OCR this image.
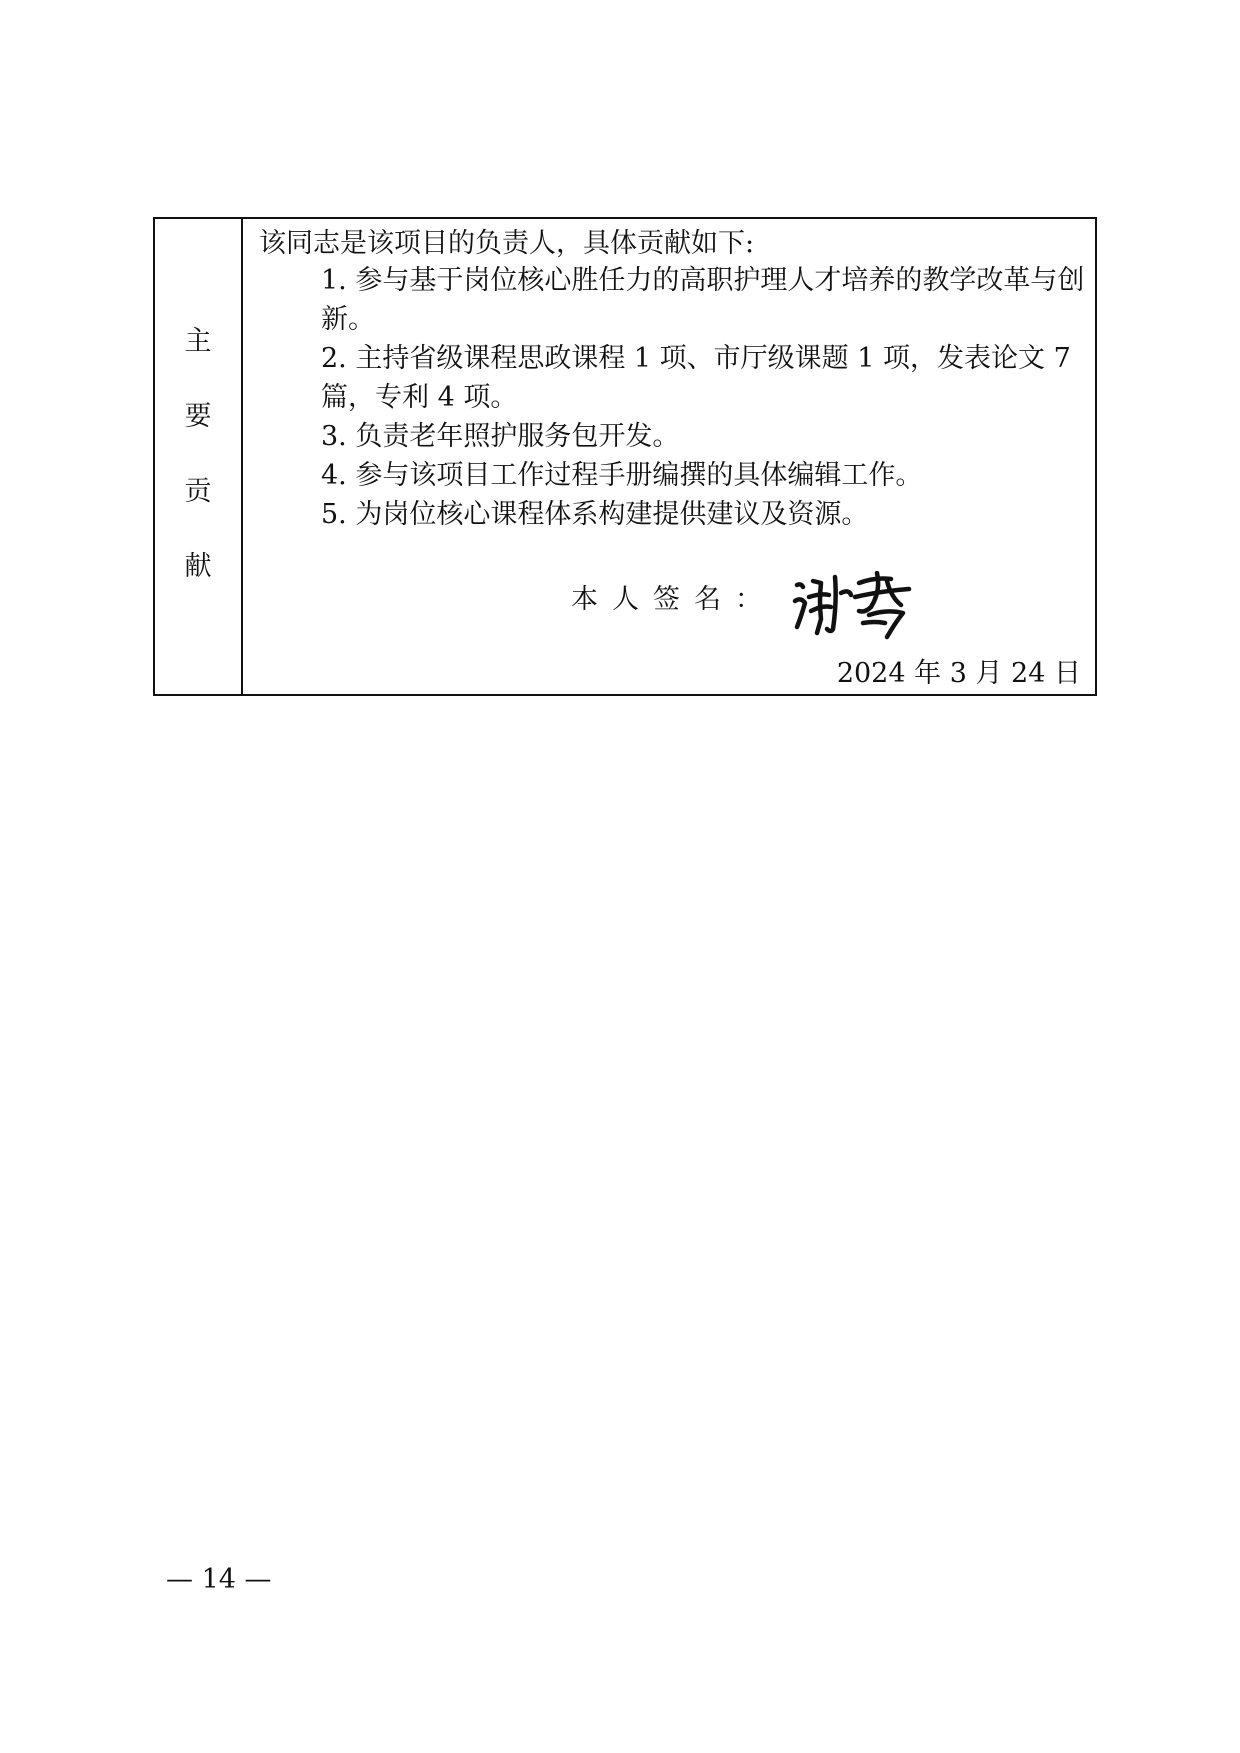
主
要
贡
献

该同志是该项目的负责人，具体贡献如下:

1. 参与基于岗位核心胜任力的高职护理人才培养的教学改革与创新。

2. 主持省级课程思政课程 1 项、市厅级课题 1 项，发表论文 7 篇，专利 4 项。

3. 负责老年照护服务包开发。

4. 参与该项目工作过程手册编撰的具体编辑工作。

5. 为岗位核心课程体系构建提供建议及资源。

本人签名：
2024 年 3 月 24 日
— 14 —
